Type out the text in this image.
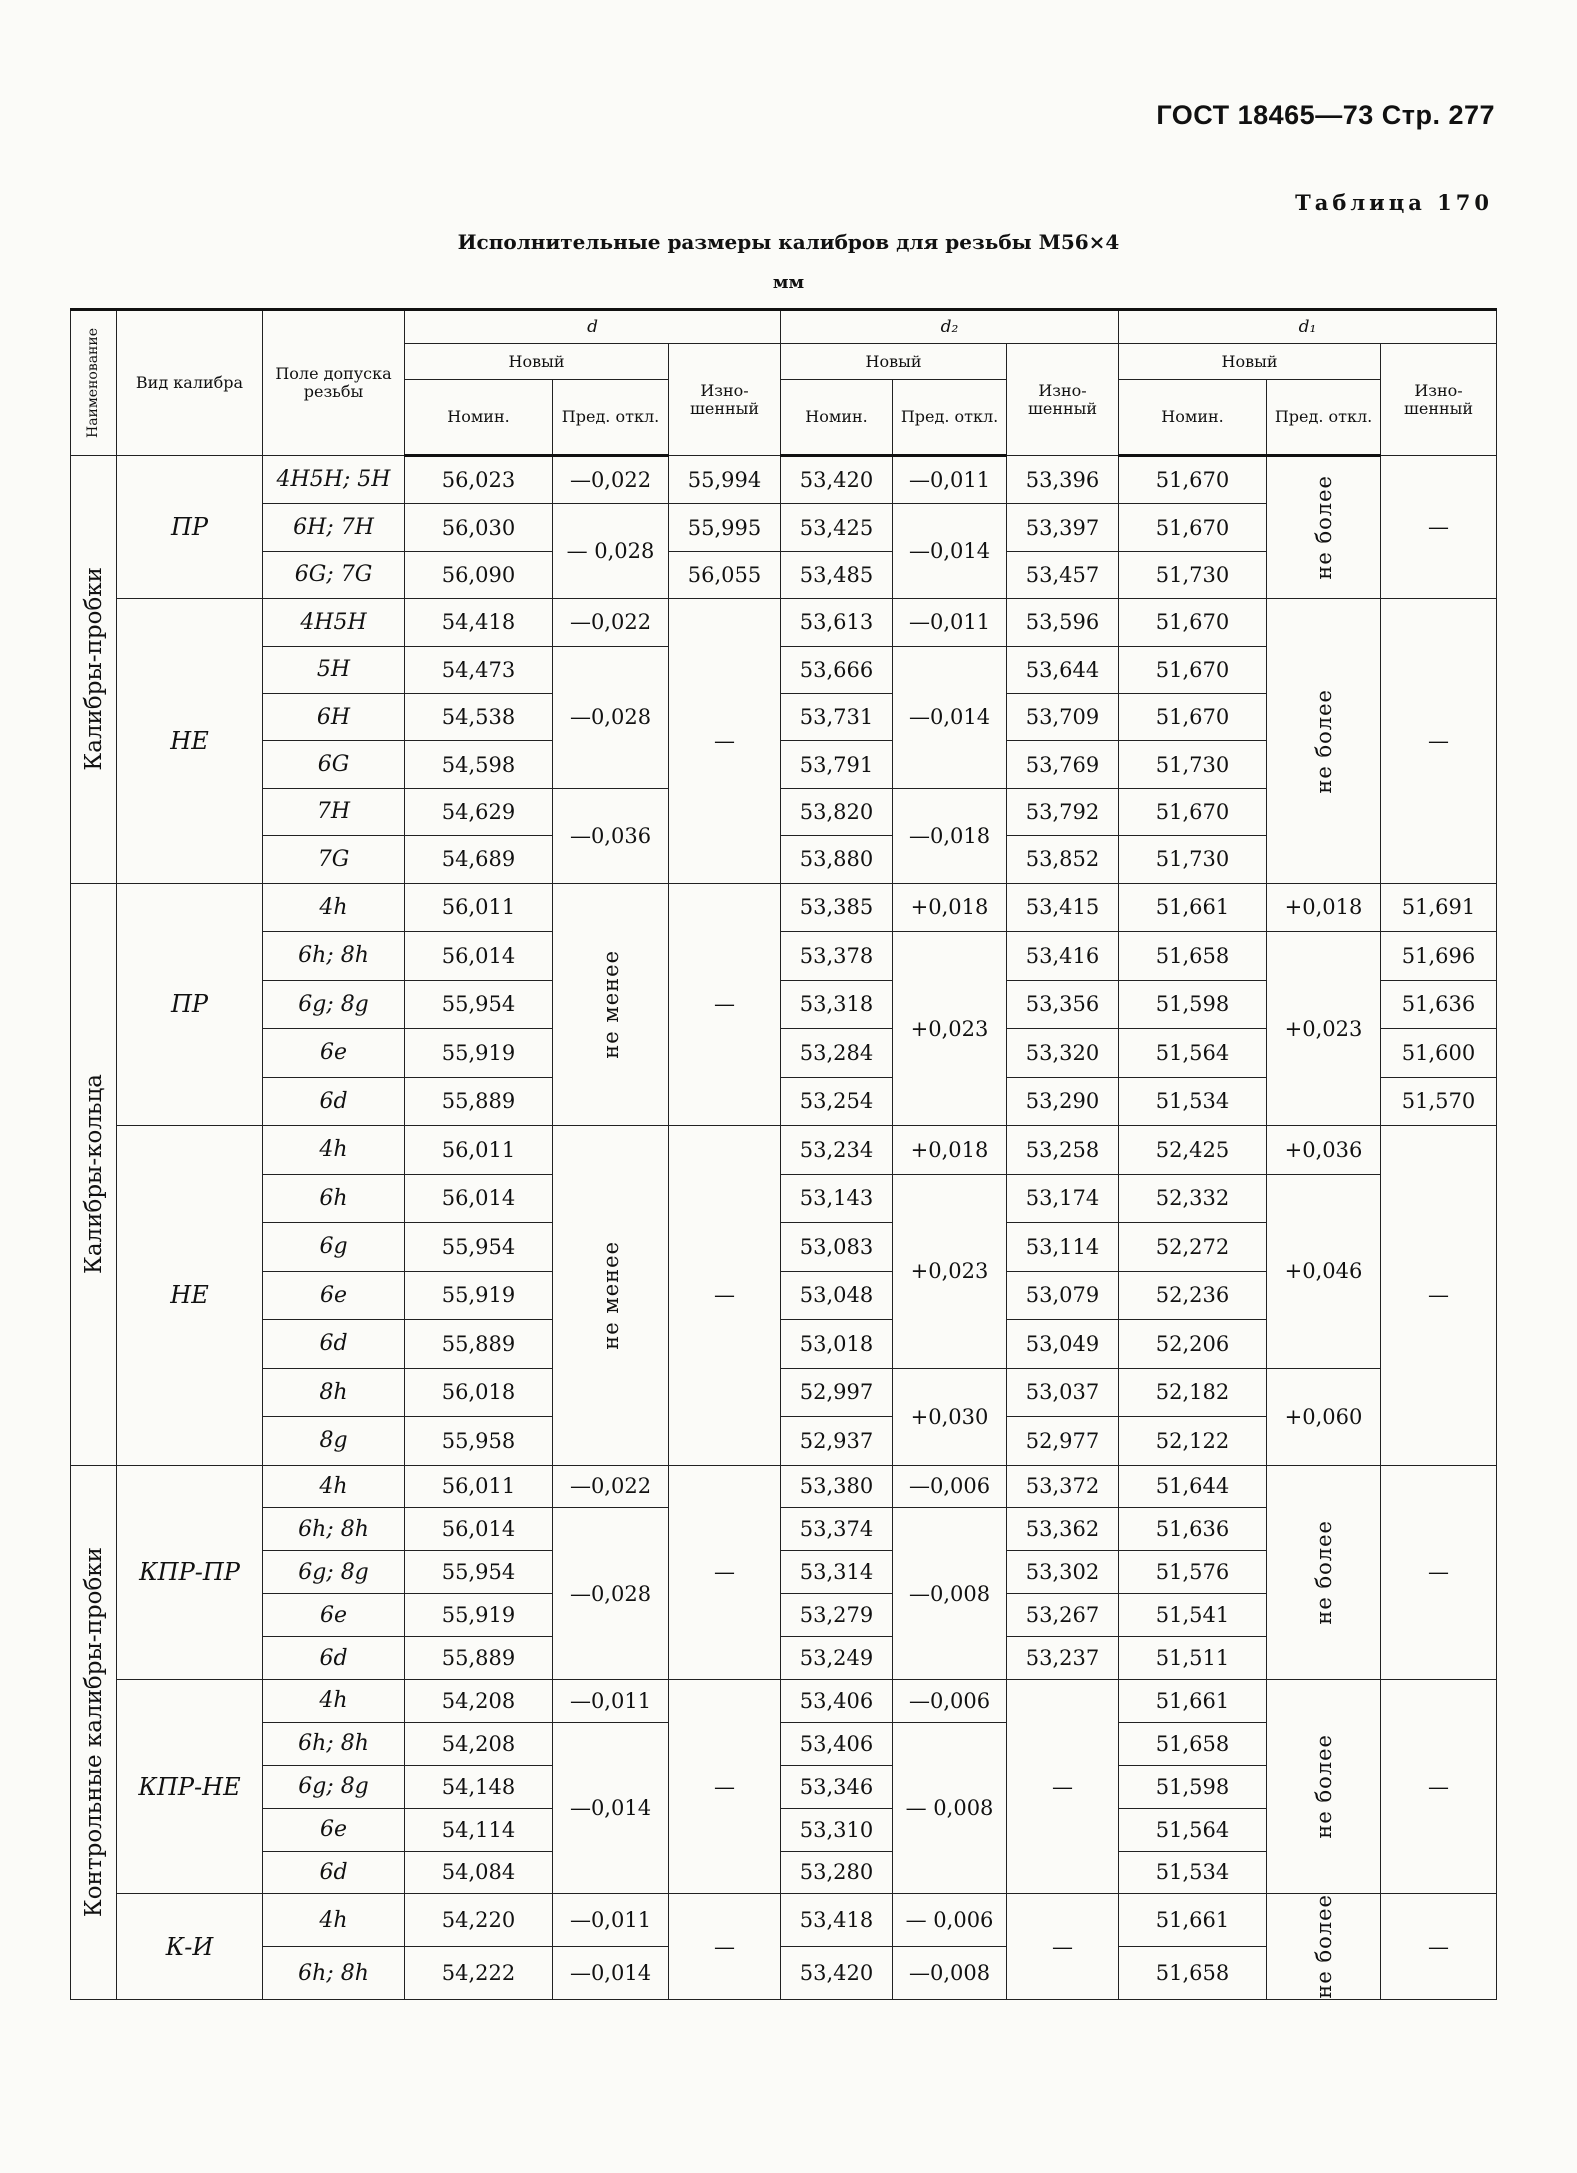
ГОСТ 18465—73 Стр. 277
Таблица 170
Исполнительные размеры калибров для резьбы М56×4
мм
Наименование	Вид калибра	Поле допуска резьбы	d			d₂			d₁		
			Новый		Изно-шенный	Новый		Изно-шенный	Новый		Изно-шенный
			Номин.	Пред. откл.		Номин.	Пред. откл.		Номин.	Пред. откл.	

Калибры-пробки	ПР	4H5H; 5H	56,023	—0,022	55,994	53,420	—0,011	53,396	51,670	не более	—
		6H; 7H	56,030	— 0,028	55,995	53,425	—0,014	53,397	51,670		
		6G; 7G	56,090		56,055	53,485		53,457	51,730		
	НЕ	4H5H	54,418	—0,022	—	53,613	—0,011	53,596	51,670	не более	—
		5H	54,473	—0,028		53,666	—0,014	53,644	51,670		
		6H	54,538			53,731		53,709	51,670		
		6G	54,598			53,791		53,769	51,730		
		7H	54,629	—0,036		53,820	—0,018	53,792	51,670		
		7G	54,689			53,880		53,852	51,730		

Калибры-кольца	ПР	4h	56,011	не менее	—	53,385	+0,018	53,415	51,661	+0,018	51,691
		6h; 8h	56,014			53,378	+0,023	53,416	51,658	+0,023	51,696
		6g; 8g	55,954			53,318		53,356	51,598		51,636
		6e	55,919			53,284		53,320	51,564		51,600
		6d	55,889			53,254		53,290	51,534		51,570
	НЕ	4h	56,011	не менее	—	53,234	+0,018	53,258	52,425	+0,036	—
		6h	56,014			53,143	+0,023	53,174	52,332	+0,046	
		6g	55,954			53,083		53,114	52,272		
		6e	55,919			53,048		53,079	52,236		
		6d	55,889			53,018		53,049	52,206		
		8h	56,018			52,997	+0,030	53,037	52,182	+0,060	
		8g	55,958			52,937		52,977	52,122		

Контрольные калибры-пробки	КПР-ПР	4h	56,011	—0,022	—	53,380	—0,006	53,372	51,644	не более	—
		6h; 8h	56,014	—0,028		53,374	—0,008	53,362	51,636		
		6g; 8g	55,954			53,314		53,302	51,576		
		6e	55,919			53,279		53,267	51,541		
		6d	55,889			53,249		53,237	51,511		
	КПР-НЕ	4h	54,208	—0,011	—	53,406	—0,006	—	51,661	не более	—
		6h; 8h	54,208	—0,014		53,406	— 0,008		51,658		
		6g; 8g	54,148			53,346			51,598		
		6e	54,114			53,310			51,564		
		6d	54,084			53,280			51,534		
	К-И	4h	54,220	—0,011	—	53,418	— 0,006	—	51,661	не более	—
		6h; 8h	54,222	—0,014		53,420	—0,008		51,658		
